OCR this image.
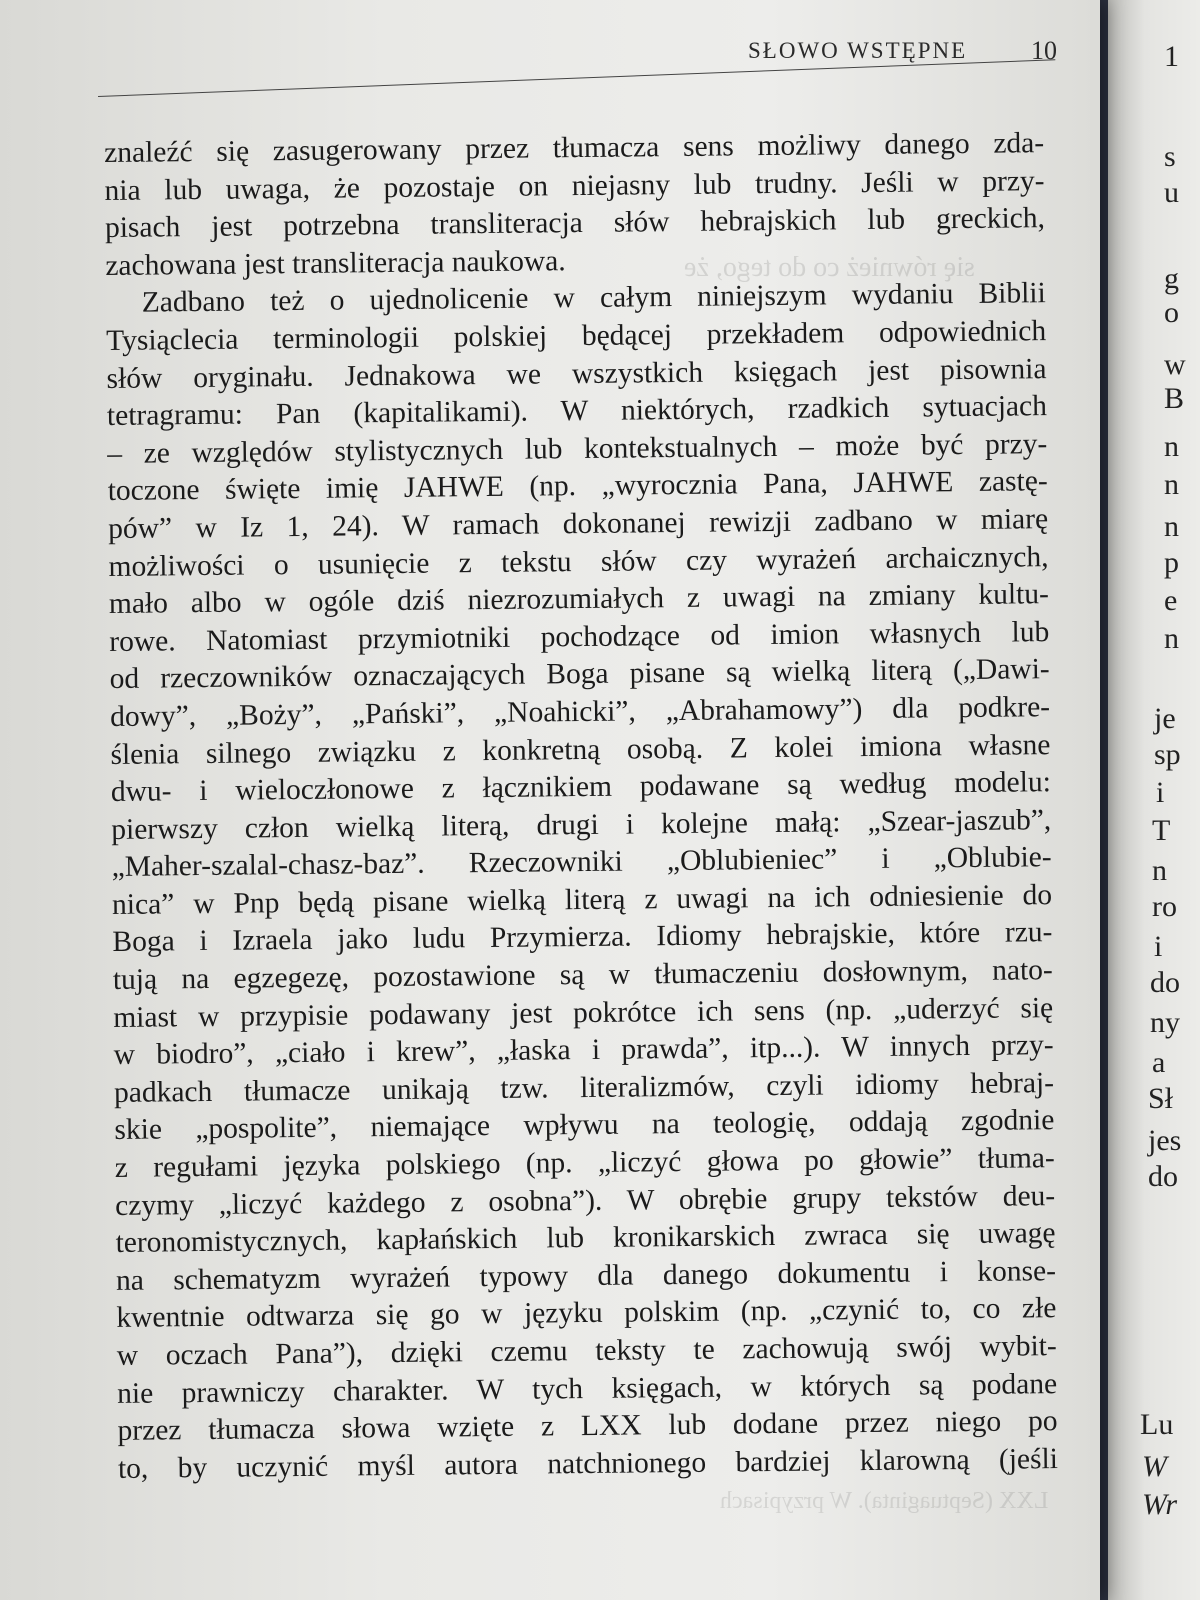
1
s
u
g
o
w
B
n
n
n
p
e
n
je
sp
i
T
n
ro
i
do
ny
a
Sł
jes
do
Lu
W
Wr
SŁOWO WSTĘPNE 10
się również co do tego, że
LXX (Septuaginta). W przypisach
znaleźć się zasugerowany przez tłumacza sens możliwy danego zda-
nia lub uwaga, że pozostaje on niejasny lub trudny. Jeśli w przy-
pisach jest potrzebna transliteracja słów hebrajskich lub greckich,
zachowana jest transliteracja naukowa.
Zadbano też o ujednolicenie w całym niniejszym wydaniu Biblii
Tysiąclecia terminologii polskiej będącej przekładem odpowiednich
słów oryginału. Jednakowa we wszystkich księgach jest pisownia
tetragramu: Pan (kapitalikami). W niektórych, rzadkich sytuacjach
– ze względów stylistycznych lub kontekstualnych – może być przy-
toczone święte imię JAHWE (np. „wyrocznia Pana, JAHWE zastę-
pów” w Iz 1, 24). W ramach dokonanej rewizji zadbano w miarę
możliwości o usunięcie z tekstu słów czy wyrażeń archaicznych,
mało albo w ogóle dziś niezrozumiałych z uwagi na zmiany kultu-
rowe. Natomiast przymiotniki pochodzące od imion własnych lub
od rzeczowników oznaczających Boga pisane są wielką literą („Dawi-
dowy”, „Boży”, „Pański”, „Noahicki”, „Abrahamowy”) dla podkre-
ślenia silnego związku z konkretną osobą. Z kolei imiona własne
dwu- i wieloczłonowe z łącznikiem podawane są według modelu:
pierwszy człon wielką literą, drugi i kolejne małą: „Szear-jaszub”,
„Maher-szalal-chasz-baz”. Rzeczowniki „Oblubieniec” i „Oblubie-
nica” w Pnp będą pisane wielką literą z uwagi na ich odniesienie do
Boga i Izraela jako ludu Przymierza. Idiomy hebrajskie, które rzu-
tują na egzegezę, pozostawione są w tłumaczeniu dosłownym, nato-
miast w przypisie podawany jest pokrótce ich sens (np. „uderzyć się
w biodro”, „ciało i krew”, „łaska i prawda”, itp...). W innych przy-
padkach tłumacze unikają tzw. literalizmów, czyli idiomy hebraj-
skie „pospolite”, niemające wpływu na teologię, oddają zgodnie
z regułami języka polskiego (np. „liczyć głowa po głowie” tłuma-
czymy „liczyć każdego z osobna”). W obrębie grupy tekstów deu-
teronomistycznych, kapłańskich lub kronikarskich zwraca się uwagę
na schematyzm wyrażeń typowy dla danego dokumentu i konse-
kwentnie odtwarza się go w języku polskim (np. „czynić to, co złe
w oczach Pana”), dzięki czemu teksty te zachowują swój wybit-
nie prawniczy charakter. W tych księgach, w których są podane
przez tłumacza słowa wzięte z LXX lub dodane przez niego po
to, by uczynić myśl autora natchnionego bardziej klarowną (jeśli
